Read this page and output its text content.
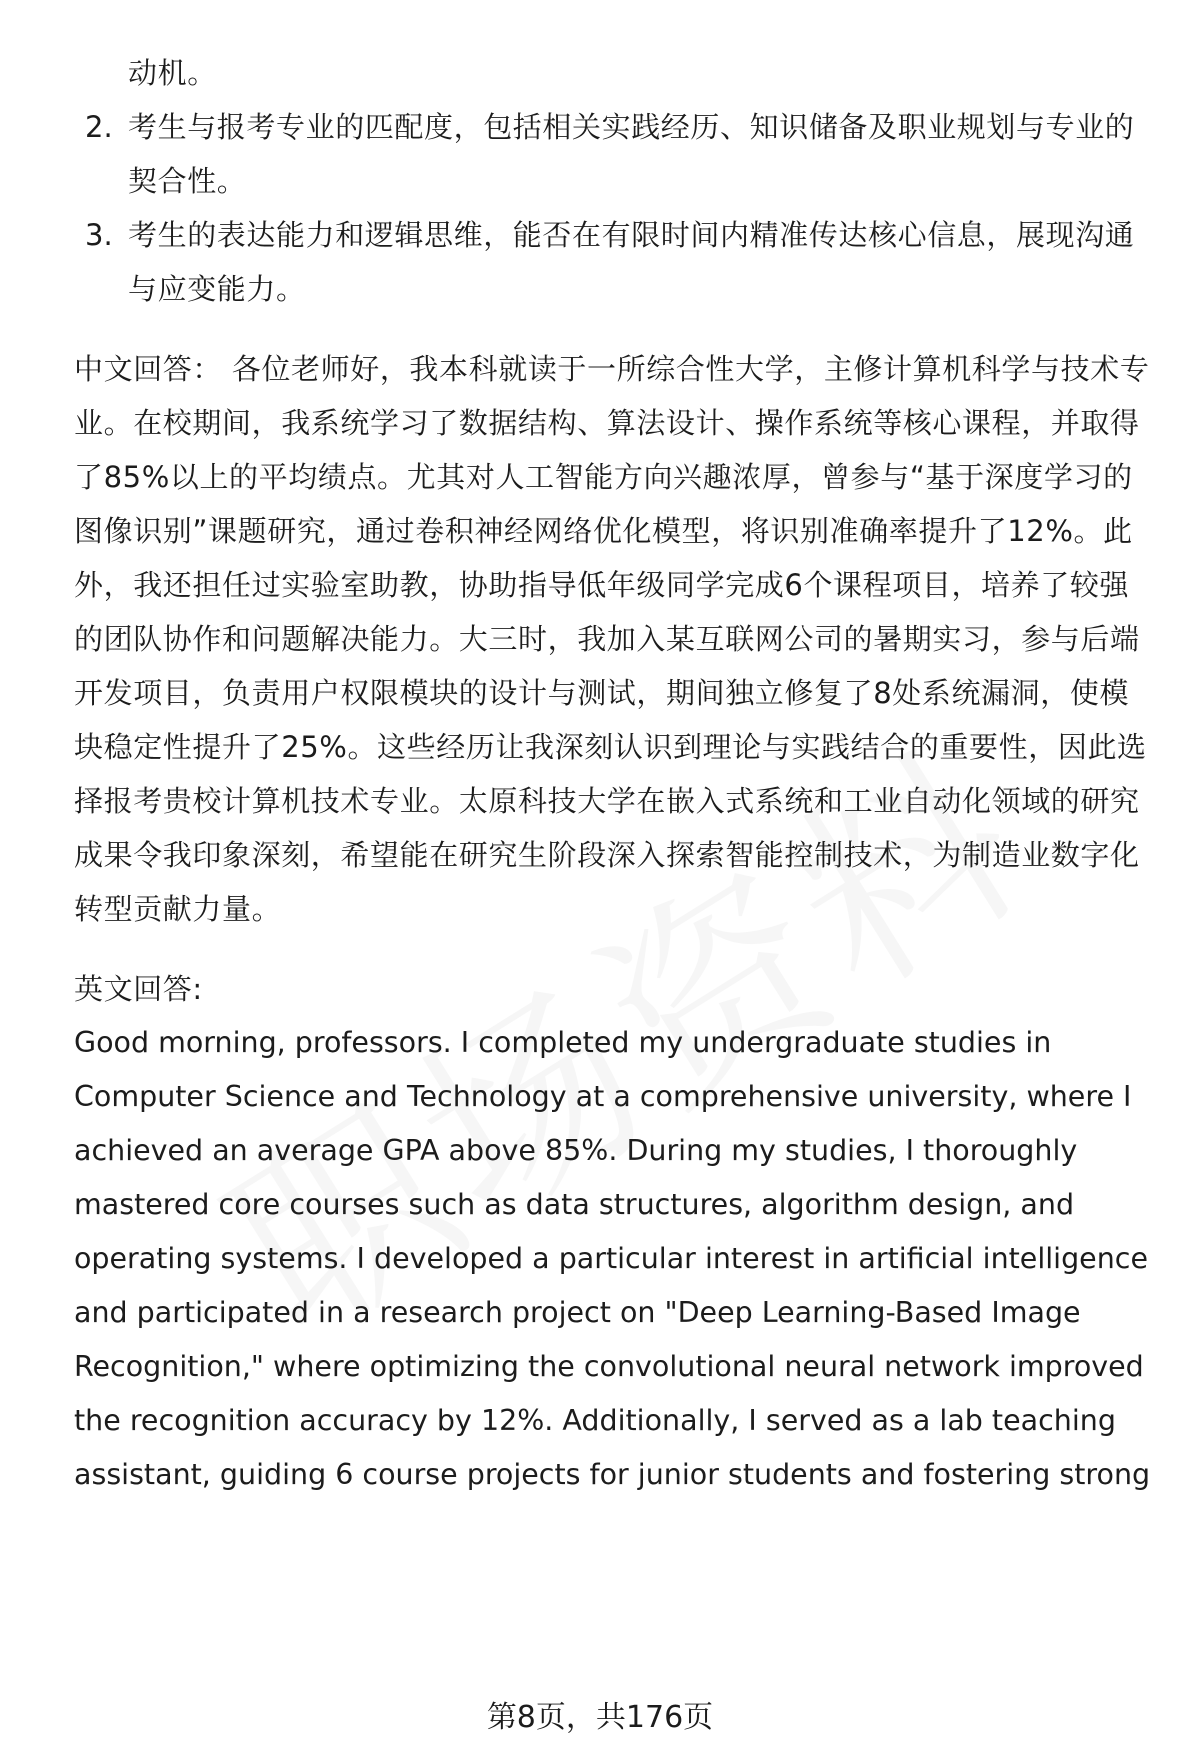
动机。
2. 考生与报考专业的匹配度，包括相关实践经历、知识储备及职业规划与专业的
契合性。
3. 考生的表达能力和逻辑思维，能否在有限时间内精准传达核心信息，展现沟通
与应变能力。
中文回答： 各位老师好，我本科就读于一所综合性大学，主修计算机科学与技术专
业。在校期间，我系统学习了数据结构、算法设计、操作系统等核心课程，并取得
了85%以上的平均绩点。尤其对人工智能方向兴趣浓厚，曾参与“基于深度学习的
图像识别”课题研究，通过卷积神经网络优化模型，将识别准确率提升了12%。此
外，我还担任过实验室助教，协助指导低年级同学完成6个课程项目，培养了较强
的团队协作和问题解决能力。大三时，我加入某互联网公司的暑期实习，参与后端
开发项目，负责用户权限模块的设计与测试，期间独立修复了8处系统漏洞，使模
块稳定性提升了25%。这些经历让我深刻认识到理论与实践结合的重要性，因此选
择报考贵校计算机技术专业。太原科技大学在嵌入式系统和工业自动化领域的研究
成果令我印象深刻，希望能在研究生阶段深入探索智能控制技术，为制造业数字化
转型贡献力量。
英文回答:
Good morning, professors. I completed my undergraduate studies in
Computer Science and Technology at a comprehensive university, where I
achieved an average GPA above 85%. During my studies, I thoroughly
mastered core courses such as data structures, algorithm design, and
operating systems. I developed a particular interest in artificial intelligence
and participated in a research project on "Deep Learning-Based Image
Recognition," where optimizing the convolutional neural network improved
the recognition accuracy by 12%. Additionally, I served as a lab teaching
assistant, guiding 6 course projects for junior students and fostering strong
第8页，共176页
